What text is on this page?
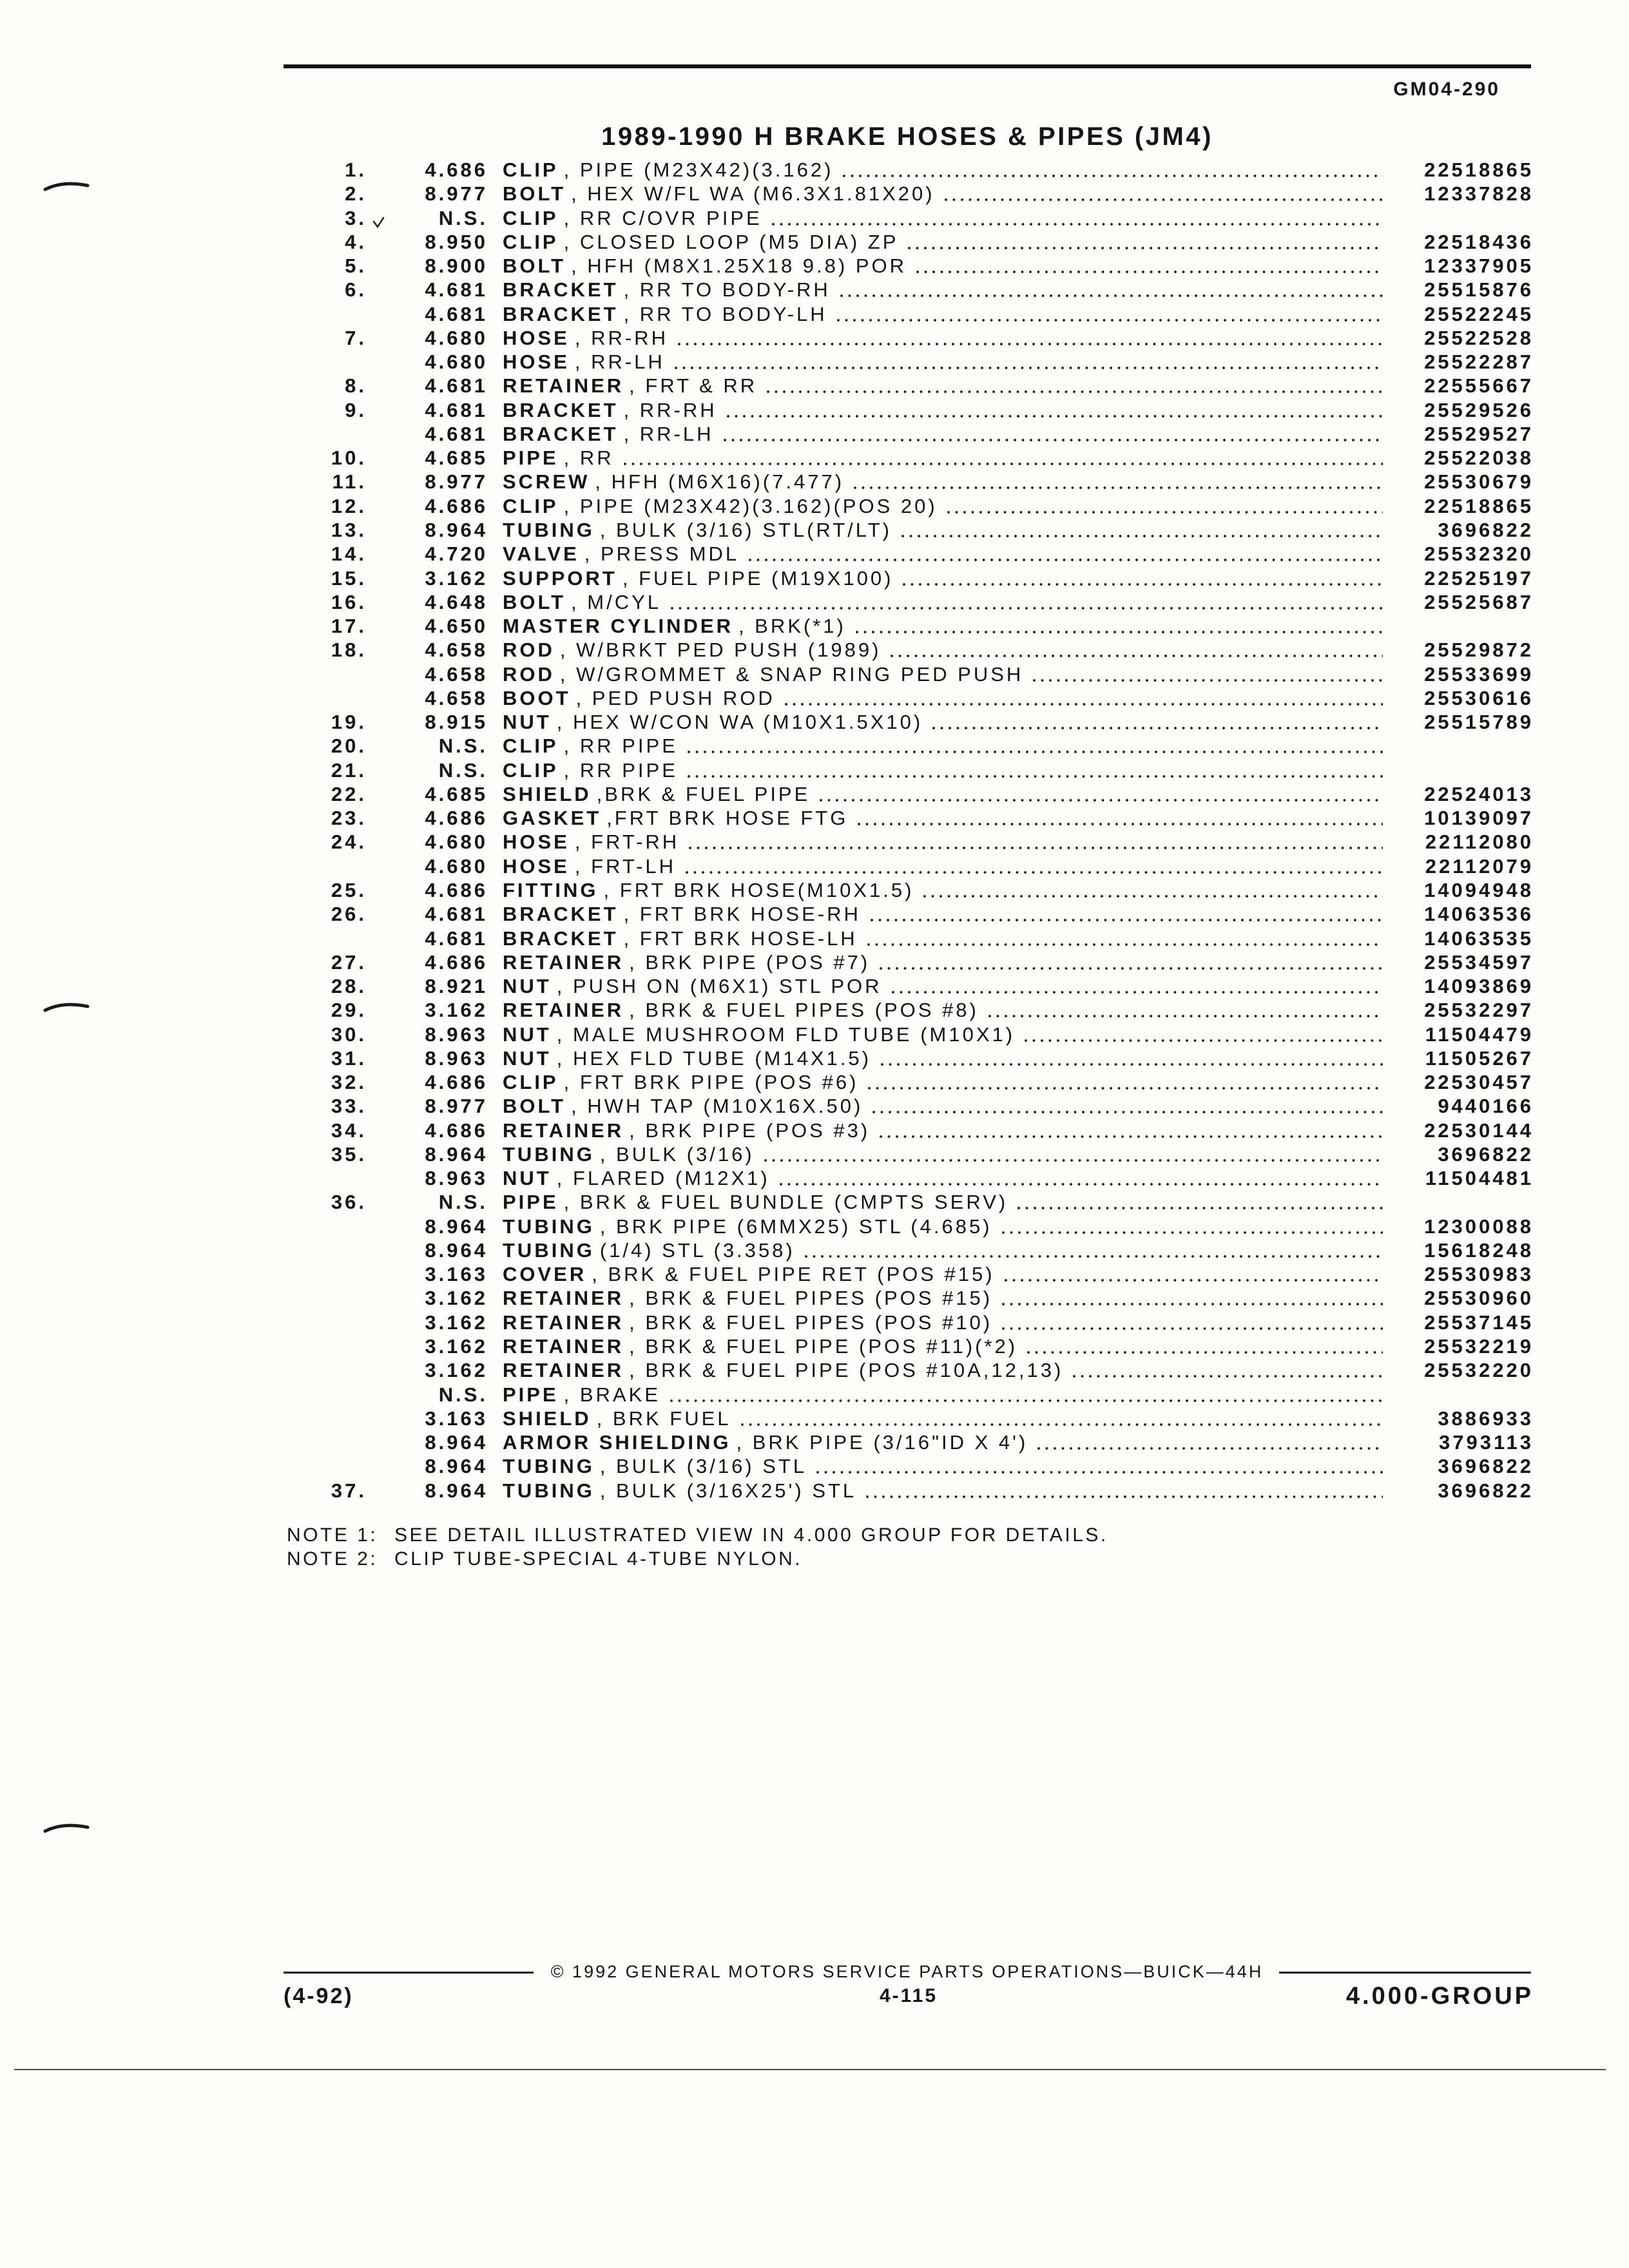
GM04-290
1989-1990 H BRAKE HOSES & PIPES (JM4)
1.	4.686 CLIP , PIPE (M23X42)(3.162)	22518865
2.	8.977 BOLT , HEX W/FL WA (M6.3X1.81X20)	12337828
3.	N.S. CLIP , RR C/OVR PIPE
4.	8.950 CLIP , CLOSED LOOP (M5 DIA) ZP	22518436
5.	8.900 BOLT , HFH (M8X1.25X18 9.8) POR	12337905
6.	4.681 BRACKET , RR TO BODY-RH	25515876
4.681 BRACKET , RR TO BODY-LH	25522245
7.	4.680 HOSE , RR-RH	25522528
4.680 HOSE , RR-LH	25522287
8.	4.681 RETAINER , FRT & RR	22555667
9.	4.681 BRACKET , RR-RH	25529526
4.681 BRACKET , RR-LH	25529527
10.	4.685 PIPE , RR	25522038
11.	8.977 SCREW , HFH (M6X16)(7.477)	25530679
12.	4.686 CLIP , PIPE (M23X42)(3.162)(POS 20)	22518865
13.	8.964 TUBING , BULK (3/16) STL(RT/LT)	3696822
14.	4.720 VALVE , PRESS MDL	25532320
15.	3.162 SUPPORT , FUEL PIPE (M19X100)	22525197
16.	4.648 BOLT , M/CYL	25525687
17.	4.650 MASTER CYLINDER , BRK(*1)
18.	4.658 ROD , W/BRKT PED PUSH (1989)	25529872
4.658 ROD , W/GROMMET & SNAP RING PED PUSH	25533699
4.658 BOOT , PED PUSH ROD	25530616
19.	8.915 NUT , HEX W/CON WA (M10X1.5X10)	25515789
20.	N.S. CLIP , RR PIPE
21.	N.S. CLIP , RR PIPE
22.	4.685 SHIELD ,BRK & FUEL PIPE	22524013
23.	4.686 GASKET ,FRT BRK HOSE FTG	10139097
24.	4.680 HOSE , FRT-RH	22112080
4.680 HOSE , FRT-LH	22112079
25.	4.686 FITTING , FRT BRK HOSE(M10X1.5)	14094948
26.	4.681 BRACKET , FRT BRK HOSE-RH	14063536
4.681 BRACKET , FRT BRK HOSE-LH	14063535
27.	4.686 RETAINER , BRK PIPE (POS #7)	25534597
28.	8.921 NUT , PUSH ON (M6X1) STL POR	14093869
29.	3.162 RETAINER , BRK & FUEL PIPES (POS #8)	25532297
30.	8.963 NUT , MALE MUSHROOM FLD TUBE (M10X1)	11504479
31.	8.963 NUT , HEX FLD TUBE (M14X1.5)	11505267
32.	4.686 CLIP , FRT BRK PIPE (POS #6)	22530457
33.	8.977 BOLT , HWH TAP (M10X16X.50)	9440166
34.	4.686 RETAINER , BRK PIPE (POS #3)	22530144
35.	8.964 TUBING , BULK (3/16)	3696822
8.963 NUT , FLARED (M12X1)	11504481
36.	N.S. PIPE , BRK & FUEL BUNDLE (CMPTS SERV)
8.964 TUBING , BRK PIPE (6MMX25) STL (4.685)	12300088
8.964 TUBING (1/4) STL (3.358)	15618248
3.163 COVER , BRK & FUEL PIPE RET (POS #15)	25530983
3.162 RETAINER , BRK & FUEL PIPES (POS #15)	25530960
3.162 RETAINER , BRK & FUEL PIPES (POS #10)	25537145
3.162 RETAINER , BRK & FUEL PIPE (POS #11)(*2)	25532219
3.162 RETAINER , BRK & FUEL PIPE (POS #10A,12,13)	25532220
N.S. PIPE , BRAKE
3.163 SHIELD , BRK FUEL	3886933
8.964 ARMOR SHIELDING , BRK PIPE (3/16"ID X 4')	3793113
8.964 TUBING , BULK (3/16) STL	3696822
37.	8.964 TUBING , BULK (3/16X25') STL	3696822
NOTE 1: SEE DETAIL ILLUSTRATED VIEW IN 4.000 GROUP FOR DETAILS.
NOTE 2: CLIP TUBE-SPECIAL 4-TUBE NYLON.
© 1992 GENERAL MOTORS SERVICE PARTS OPERATIONS—BUICK—44H
(4-92)	4-115	4.000-GROUP
